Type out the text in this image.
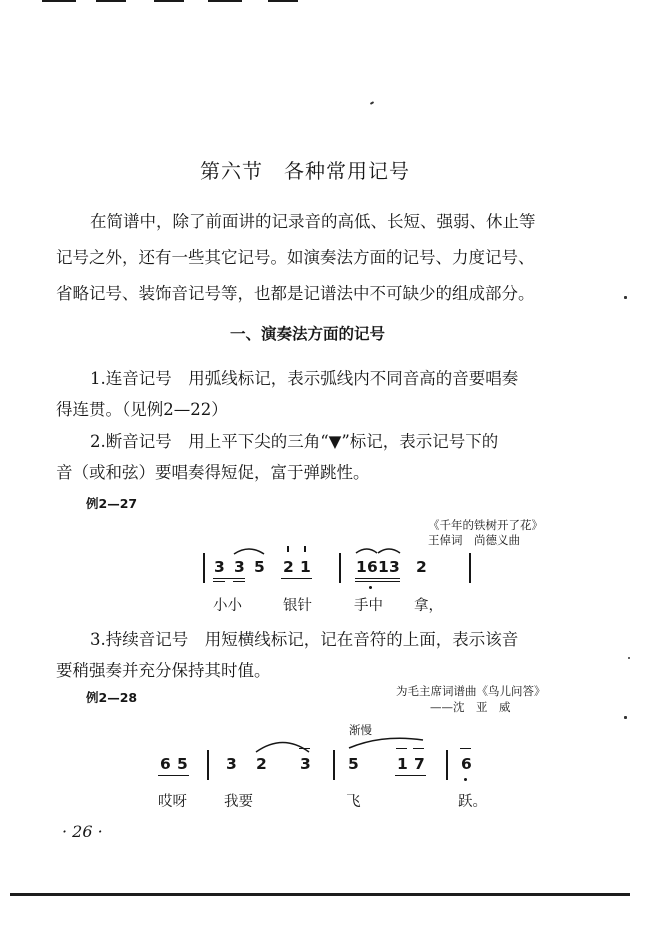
第六节　各种常用记号
在简谱中，除了前面讲的记录音的高低、长短、强弱、休止等
记号之外，还有一些其它记号。如演奏法方面的记号、力度记号、
省略记号、装饰音记号等，也都是记谱法中不可缺少的组成部分。
一、演奏法方面的记号
1.连音记号　用弧线标记，表示弧线内不同音高的音要唱奏
得连贯。（见例2—22）
2.断音记号　用上平下尖的三角“▼”标记，表示记号下的
音（或和弦）要唱奏得短促，富于弹跳性。
例2—27
《千年的铁树开了花》
王倬词　尚德义曲
3 3 5 2 1	1 6 1 3 2
小小	银针	手中 拿，
3.持续音记号　用短横线标记，记在音符的上面，表示该音
要稍强奏并充分保持其时值。
例2—28	为毛主席词谱曲《鸟儿问答》
——沈　亚　威
渐慢
6 5 3 2 3 5 1 7 6
哎呀	我要	飞	跃。
· 26 ·
